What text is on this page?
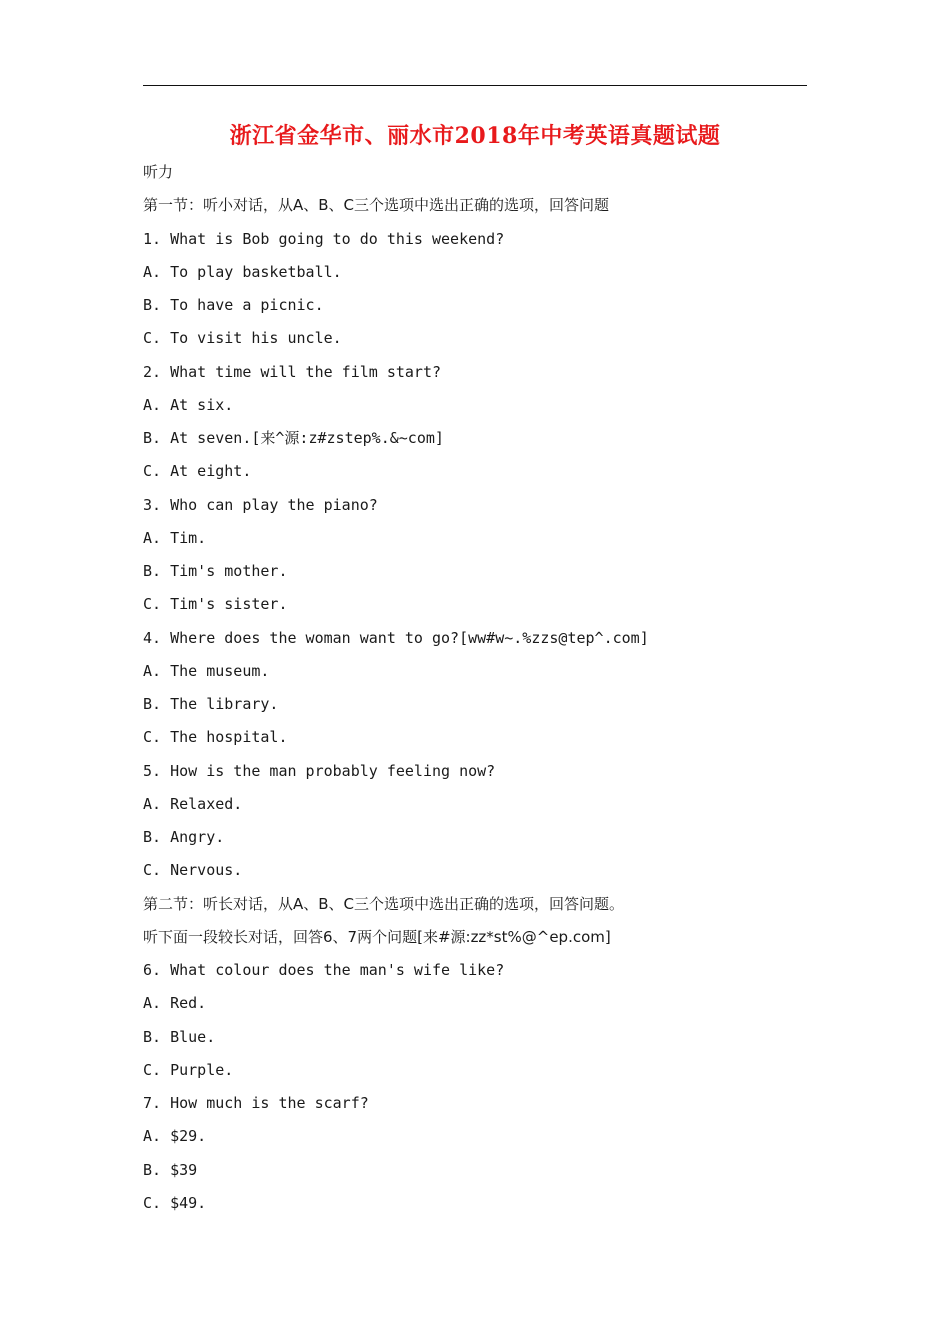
浙江省金华市、丽水市2018年中考英语真题试题

听力

第一节：听小对话，从A、B、C三个选项中选出正确的选项，回答问题

1. What is Bob going to do this weekend?

A. To play basketball.

B. To have a picnic.

C. To visit his uncle.

2. What time will the film start?

A. At six.

B. At seven.[来^源:z#zstep%.&~com]

C. At eight.

3. Who can play the piano?

A. Tim.

B. Tim's mother.

C. Tim's sister.

4. Where does the woman want to go?[ww#w~.%zzs@tep^.com]

A. The museum.

B. The library.

C. The hospital.

5. How is the man probably feeling now?

A. Relaxed.

B. Angry.

C. Nervous.

第二节：听长对话，从A、B、C三个选项中选出正确的选项，回答问题。

听下面一段较长对话，回答6、7两个问题[来#源:zz*st%@^ep.com]

6. What colour does the man's wife like?

A. Red.

B. Blue.

C. Purple.

7. How much is the scarf?

A. $29.

B. $39

C. $49.
